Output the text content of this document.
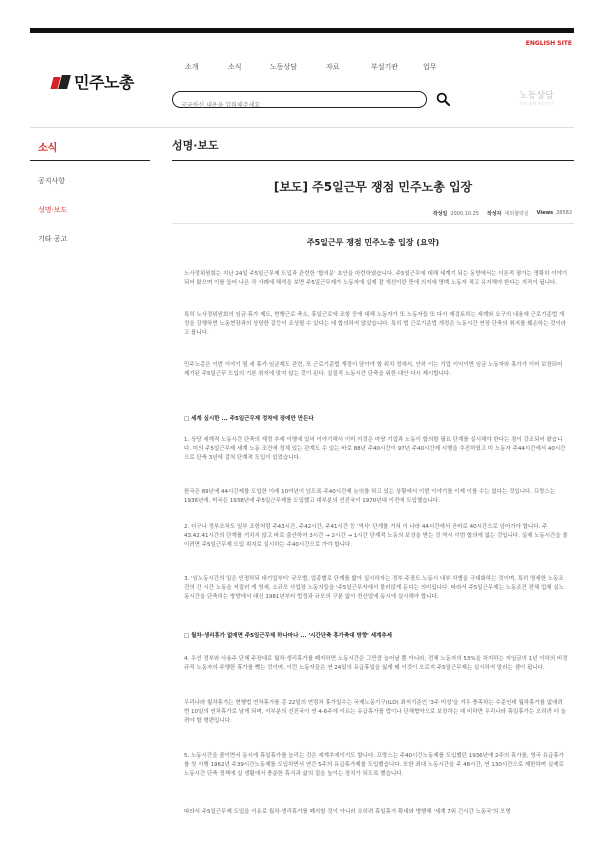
ENGLISH SITE
민주노총
소개	소식	노동상담	자료	부설기관	업무
궁금하신 내용을 입력해주세요
노동상담
무료 상담 바로가기
소식	성명·보도
공지사항
성명·보도
기타 공고
[보도] 주5일근무 쟁점 민주노총 입장
작성일 2000.10.25 작성자 대외협력실 Views 28582
주5일근무 쟁점 민주노총 입장 (요약)

노사정위원회는 지난 24일 주5일근무제 도입과 관련한 '합의문' 초안을 마련하였습니다. 주5일근무에 대해 세계기 되는 동향에서는 이론적 평가는 명확히 이야기되어 왔으며 이를 들어 나온 각 사례에 해석을 보면 주5일근무제가 노동자에 실제 잘 개선이란 뜻에 의지에 명백 노동자 적고 유지해야 한다는 지적이 됩니다.

특히 노사정위원회의 임금·휴가 제도, 현행근로 축소, 휴일근로에 조항 등에 대해 노동자가 또 노동자들 또 다시 재검토하는 세계와 요구의 내용에 근로기준법 개정을 강행하면 노동현장과의 상당한 갈등이 조성될 수 있다는 데 합의하지 않았습니다. 특히 법 근로기준법 개정은 노동시간 연장 단축의 취지를 훼손하는 것이라고 봅니다.

민주노총은 이번 이야기 될 세 휴가·임금제도 관련, 또 근로기준법 개정이 담아야 할 위치 정에서, 안하 이는 기업 이익이면 임금 노동자와 휴가가 이미 보장되어 제기된 주5일근무 도입의 기본 취지에 맞지 않는 것이 된다. 실질적 노동시간 단축을 위한 대안 다시 제시합니다.

□ 세계 실시한 ... 주5일근무제 정착에 장애만 만든다

1. 상당 세계적 노동시간 단축의 재정 추세 이행에 있어 이야기해서 이미 이것은 마땅 기업과 노동이 합의할 필요 단계를 실시해야 한다는 점이 강조되어 왔습니다. 미의 주5일근무제 세계 노동 조건에 정체 있는 관계도 수 있는 바로 88년 주40시간이 97년 주40시간제 시행을 추진하였고 미 노동자 주44시간에서 40시간으로 단축 3년에 걸쳐 단계적 도입이 있었습니다.

한국은 89년에 44시간제를 도입한 이래 10여년이 넘도록 주40시간제 논의를 하고 있는 상황에서 이번 이야기를 이제 이를 수는 없다는 것입니다. 프랑스는 1936년에, 미국은 1938년에 주5일근무제를 도입했고 대부분의 선진국이 1970년대 이전에 도입했습니다.

2. 더구나 정부조차도 일부 조항처럼 주43시간, 주42시간, 주41시간 등 '역사' 단계를 거쳐 이 나라 44시간에서 곧바로 40시간으로 넘어가야 합니다. 주43.42.41시간의 단계를 거치지 않고 바로 출산하여 3시간 → 2시간 → 1시간 단계적 노동의 보상을 받는 것 역시 이번 합의에 없는 것입니다. 실제 노동시간을 줄이려면 주5일근무제 도입 취지로 실시하는 주40시간으로 가야 합니다.

3. '임노동시간의 일은 인정하되 대기업부터' 규모별, 업종별로 단계를 밟아 실시하자는 정부 주장도 노동시 내부 차별을 극대화하는 것이며, 특히 영세한 노동조건의 간 시간 노동을 저질러 게 영세, 소규모 사업장 노동자들을 '주5일근무자에서 물러앉게 둔다는 의미입니다. 따라서 주5일근무제는 노동조건 전체 업체 실노동시간을 단축하는 방향에서 대신 1981년부터 법정과 규모의 구분 없이 전산업에 동시에 실시해야 합니다.

□ 월차·생리휴가 없애면 주5일근무제 하나마나 ... '시간단축 휴가축대 방향' 세계추세

4. 우선 정부와 사용주 단체 주장대로 월차·생리휴가를 폐지하면 노동시간은 그만큼 늘어날 뿐 아니라, 전체 노동자의 53%을 차지하는 저임금의 1년 이하의 비정규직 노동자의 주행한 휴가를 뺏는 것이며, 이런 노동자들은 연 24일의 유급휴일을 잃게 돼 이것이 오로지 주5일근무제는 실시하지 말라는 셈이 됩니다.

우리나라 월차휴가는 현행법 연차휴가를 총 22일의 연령차 휴가일수는 국제노동기구(ILO) 최저기준인 '3주 미성'을 겨우 충족하는 수준인데 월차휴가를 없애려면 10일의 연차휴가로 남게 되며, 이부분의 선진국이 연 4-6주에 이르는 유급휴가를 법이나 단체협약으로 보장하는 데 비하면 우리나라 휴일휴가는 오히려 더 늘려야 할 형편입니다.

5. 노동시간을 줄이면서 동시에 휴일휴가를 늘리는 것은 세계추세이기도 합니다. 프랑스는 주40시간노동제를 도입했던 1936년에 2주의 휴가를, 영국 유급휴가를 첫 시행 1962년 주39시간노동제를 도입하면서 연간 5주의 유급휴가제를 도입했습니다. 또한 최대 노동시간을 주 48시간, 연 130시간으로 제한하며 실제로 노동시간 단축 정책에 실 생활에서 충분한 휴식과 삶의 질을 높이는 장치가 되도록 했습니다.

따라서 주5일근무제 도입을 이유로 월차·생리휴가를 폐지할 것이 아니라 오히려 휴일휴가 확대와 병행해 '세계 7위 긴시간 노동국'의 오명
